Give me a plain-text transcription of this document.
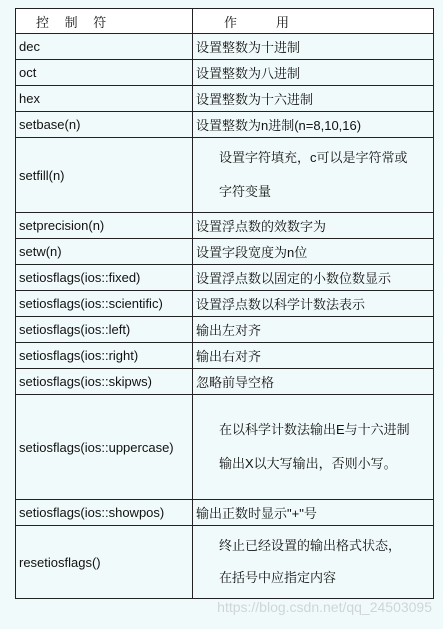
控 制 符	作　　　用
dec	设置整数为十进制
oct	设置整数为八进制
hex	设置整数为十六进制
setbase(n)	设置整数为n进制(n=8,10,16)
setfill(n)	设置字符填充，c可以是字符常或
字符变量

setprecision(n)	设置浮点数的效数字为
setw(n)	设置字段宽度为n位
setiosflags(ios::fixed)	设置浮点数以固定的小数位数显示
setiosflags(ios::scientific)	设置浮点数以科学计数法表示
setiosflags(ios::left)	输出左对齐
setiosflags(ios::right)	输出右对齐
setiosflags(ios::skipws)	忽略前导空格
setiosflags(ios::uppercase)	在以科学计数法输出E与十六进制
输出X以大写输出，否则小写。

setiosflags(ios::showpos)	输出正数时显示"+"号
resetiosflags()	终止已经设置的输出格式状态，
在括号中应指定内容
https://blog.csdn.net/qq_24503095
